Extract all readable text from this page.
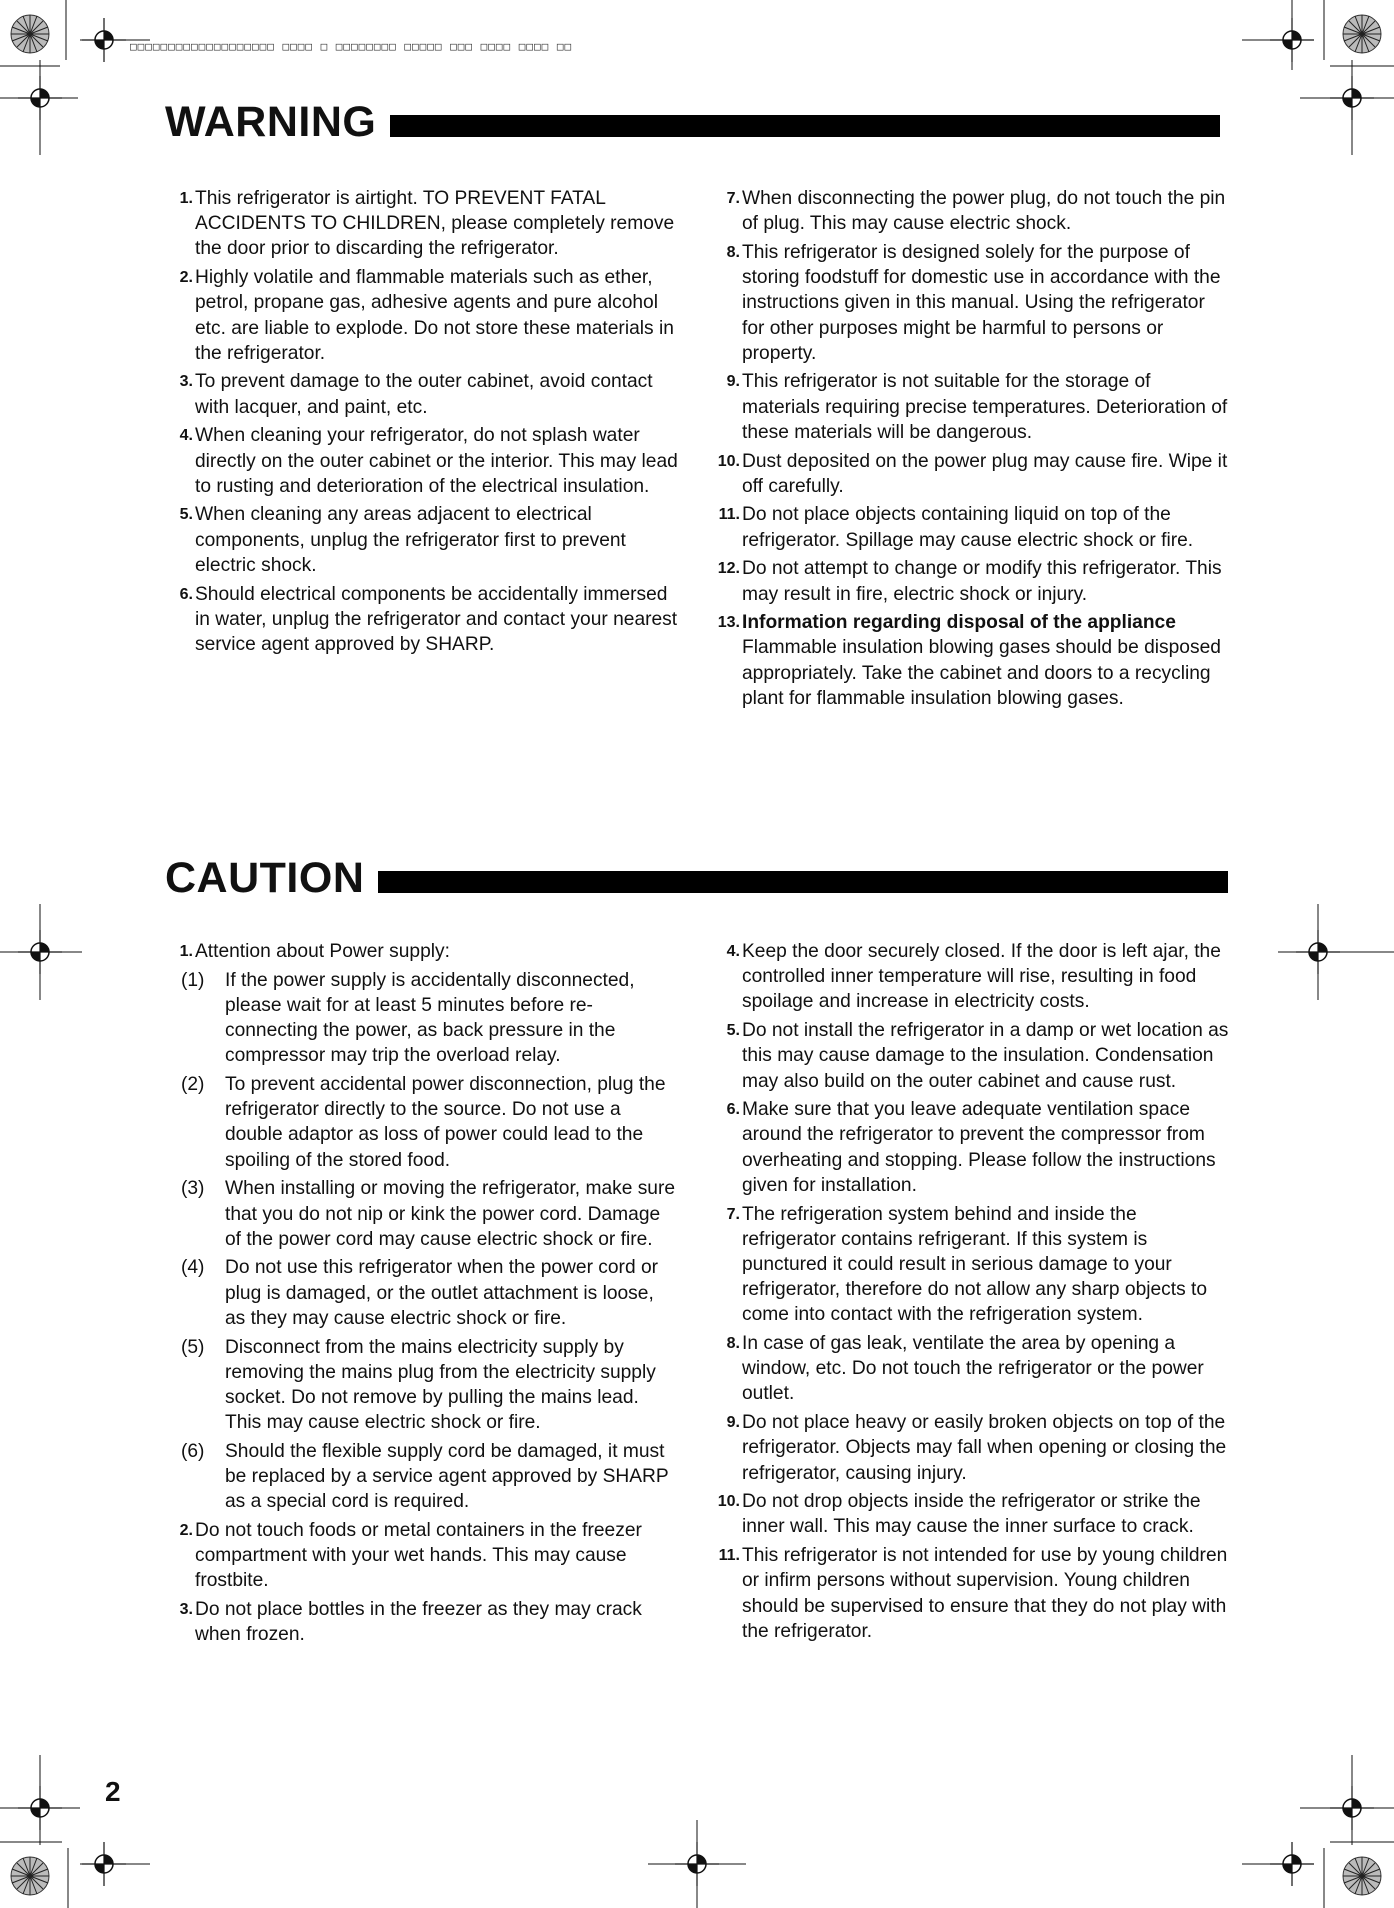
□□□□□□□□□□□□□□□□□□□ □□□□ □ □□□□□□□□ □□□□□ □□□ □□□□ □□□□ □□
WARNING
1. This refrigerator is airtight. TO PREVENT FATAL ACCIDENTS TO CHILDREN, please completely remove the door prior to discarding the refrigerator.
2. Highly volatile and flammable materials such as ether, petrol, propane gas, adhesive agents and pure alcohol etc. are liable to explode. Do not store these materials in the refrigerator.
3. To prevent damage to the outer cabinet, avoid contact with lacquer, and paint, etc.
4. When cleaning your refrigerator, do not splash water directly on the outer cabinet or the interior. This may lead to rusting and deterioration of the electrical insulation.
5. When cleaning any areas adjacent to electrical components, unplug the refrigerator first to prevent electric shock.
6. Should electrical components be accidentally immersed in water, unplug the refrigerator and contact your nearest service agent approved by SHARP.
7. When disconnecting the power plug, do not touch the pin of plug. This may cause electric shock.
8. This refrigerator is designed solely for the purpose of storing foodstuff for domestic use in accordance with the instructions given in this manual. Using the refrigerator for other purposes might be harmful to persons or property.
9. This refrigerator is not suitable for the storage of materials requiring precise temperatures. Deterioration of these materials will be dangerous.
10. Dust deposited on the power plug may cause fire. Wipe it off carefully.
11. Do not place objects containing liquid on top of the refrigerator. Spillage may cause electric shock or fire.
12. Do not attempt to change or modify this refrigerator. This may result in fire, electric shock or injury.
13. Information regarding disposal of the appliance
Flammable insulation blowing gases should be disposed appropriately. Take the cabinet and doors to a recycling plant for flammable insulation blowing gases.
CAUTION
1. Attention about Power supply:
(1) If the power supply is accidentally disconnected, please wait for at least 5 minutes before re-connecting the power, as back pressure in the compressor may trip the overload relay.
(2) To prevent accidental power disconnection, plug the refrigerator directly to the source. Do not use a double adaptor as loss of power could lead to the spoiling of the stored food.
(3) When installing or moving the refrigerator, make sure that you do not nip or kink the power cord. Damage of the power cord may cause electric shock or fire.
(4) Do not use this refrigerator when the power cord or plug is damaged, or the outlet attachment is loose, as they may cause electric shock or fire.
(5) Disconnect from the mains electricity supply by removing the mains plug from the electricity supply socket. Do not remove by pulling the mains lead. This may cause electric shock or fire.
(6) Should the flexible supply cord be damaged, it must be replaced by a service agent approved by SHARP as a special cord is required.
2. Do not touch foods or metal containers in the freezer compartment with your wet hands. This may cause frostbite.
3. Do not place bottles in the freezer as they may crack when frozen.
4. Keep the door securely closed. If the door is left ajar, the controlled inner temperature will rise, resulting in food spoilage and increase in electricity costs.
5. Do not install the refrigerator in a damp or wet location as this may cause damage to the insulation. Condensation may also build on the outer cabinet and cause rust.
6. Make sure that you leave adequate ventilation space around the refrigerator to prevent the compressor from overheating and stopping. Please follow the instructions given for installation.
7. The refrigeration system behind and inside the refrigerator contains refrigerant. If this system is punctured it could result in serious damage to your refrigerator, therefore do not allow any sharp objects to come into contact with the refrigeration system.
8. In case of gas leak, ventilate the area by opening a window, etc. Do not touch the refrigerator or the power outlet.
9. Do not place heavy or easily broken objects on top of the refrigerator. Objects may fall when opening or closing the refrigerator, causing injury.
10. Do not drop objects inside the refrigerator or strike the inner wall. This may cause the inner surface to crack.
11. This refrigerator is not intended for use by young children or infirm persons without supervision. Young children should be supervised to ensure that they do not play with the refrigerator.
2
